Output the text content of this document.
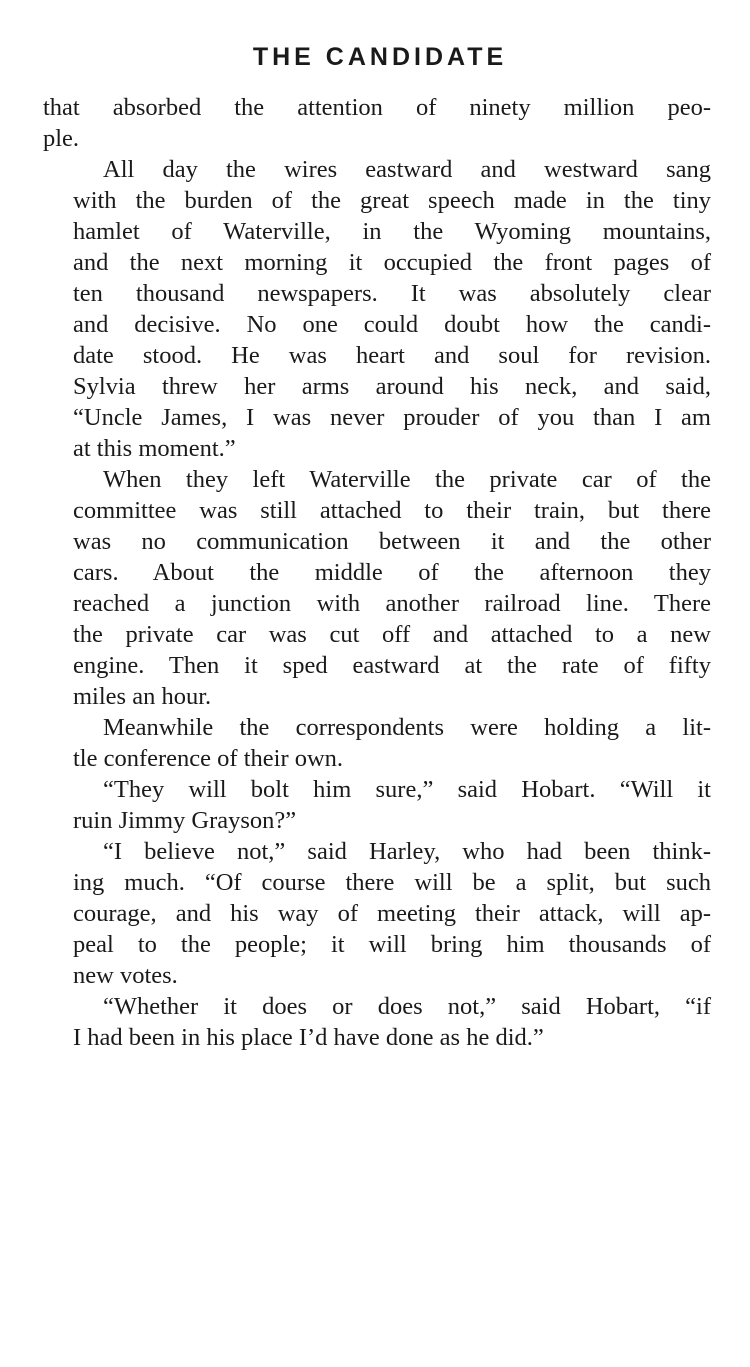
THE CANDIDATE

that absorbed the attention of ninety million peo-
ple.

All day the wires eastward and westward sang
with the burden of the great speech made in the tiny
hamlet of Waterville, in the Wyoming mountains,
and the next morning it occupied the front pages of
ten thousand newspapers. It was absolutely clear
and decisive. No one could doubt how the candi-
date stood. He was heart and soul for revision.
Sylvia threw her arms around his neck, and said,
“Uncle James, I was never prouder of you than I am
at this moment.”

When they left Waterville the private car of the
committee was still attached to their train, but there
was no communication between it and the other
cars. About the middle of the afternoon they
reached a junction with another railroad line. There
the private car was cut off and attached to a new
engine. Then it sped eastward at the rate of fifty
miles an hour.

Meanwhile the correspondents were holding a lit-
tle conference of their own.

“They will bolt him sure,” said Hobart. “Will it
ruin Jimmy Grayson?”

“I believe not,” said Harley, who had been think-
ing much. “Of course there will be a split, but such
courage, and his way of meeting their attack, will ap-
peal to the people; it will bring him thousands of
new votes.

“Whether it does or does not,” said Hobart, “if
I had been in his place I’d have done as he did.”
